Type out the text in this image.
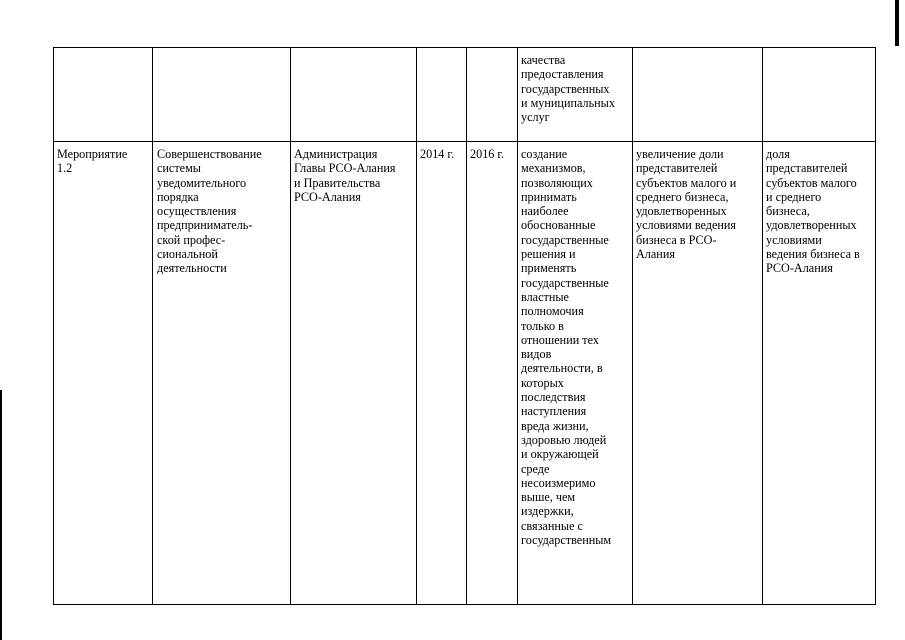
качества
предоставления
государственных
и муниципальных
услуг
Мероприятие
1.2
Совершенствование
системы
уведомительного
порядка
осуществления
предприниматель-
ской профес-
сиональной
деятельности
Администрация
Главы РСО-Алания
и Правительства
РСО-Алания
2014 г.	2016 г.	создание
механизмов,
позволяющих
принимать
наиболее
обоснованные
государственные
решения и
применять
государственные
властные
полномочия
только в
отношении тех
видов
деятельности, в
которых
последствия
наступления
вреда жизни,
здоровью людей
и окружающей
среде
несоизмеримо
выше, чем
издержки,
связанные с
государственным
увеличение доли
представителей
субъектов малого и
среднего бизнеса,
удовлетворенных
условиями ведения
бизнеса в РСО-
Алания
доля
представителей
субъектов малого
и среднего
бизнеса,
удовлетворенных
условиями
ведения бизнеса в
РСО-Алания
